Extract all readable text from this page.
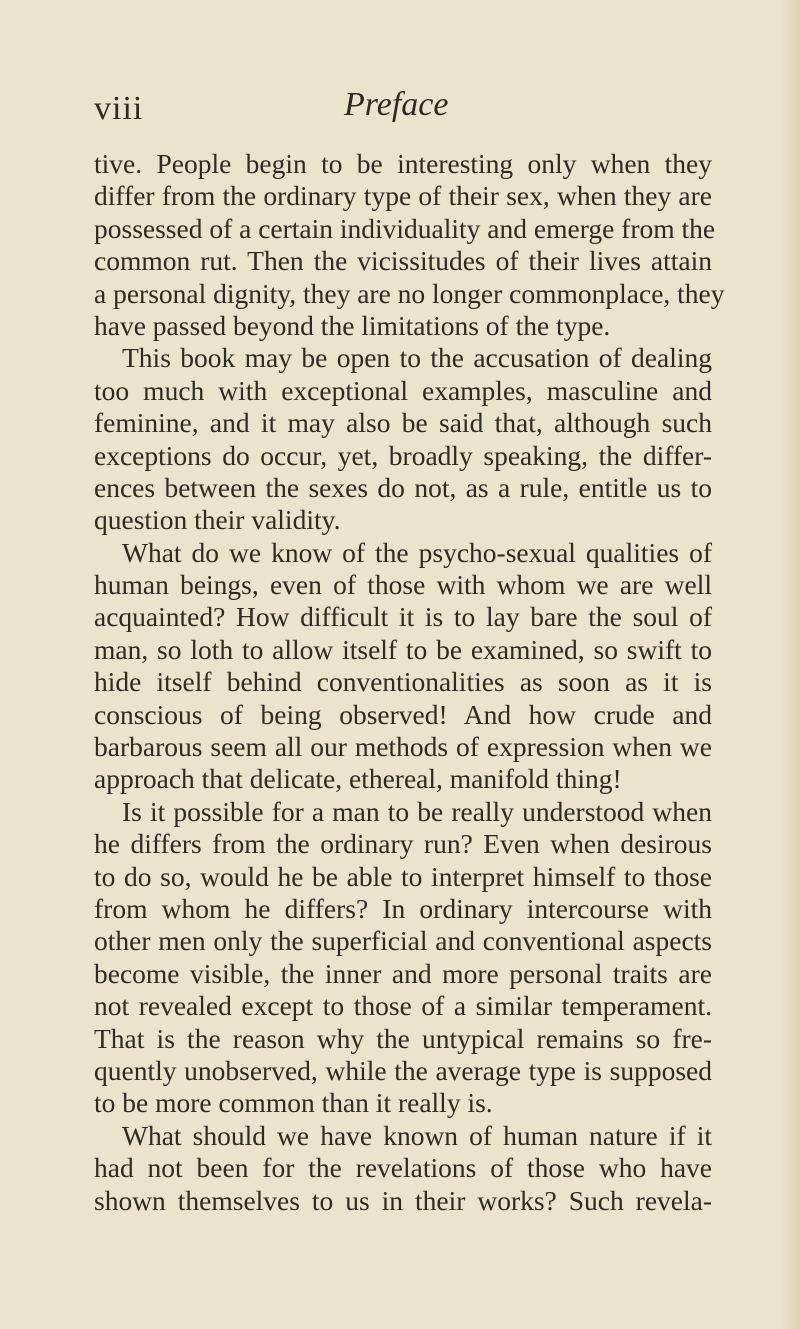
viii	Preface
tive. People begin to be interesting only when they
differ from the ordinary type of their sex, when they are
possessed of a certain individuality and emerge from the
common rut. Then the vicissitudes of their lives attain
a personal dignity, they are no longer commonplace, they
have passed beyond the limitations of the type.
This book may be open to the accusation of dealing
too much with exceptional examples, masculine and
feminine, and it may also be said that, although such
exceptions do occur, yet, broadly speaking, the differ-
ences between the sexes do not, as a rule, entitle us to
question their validity.
What do we know of the psycho-sexual qualities of
human beings, even of those with whom we are well
acquainted? How difficult it is to lay bare the soul of
man, so loth to allow itself to be examined, so swift to
hide itself behind conventionalities as soon as it is
conscious of being observed! And how crude and
barbarous seem all our methods of expression when we
approach that delicate, ethereal, manifold thing!
Is it possible for a man to be really understood when
he differs from the ordinary run? Even when desirous
to do so, would he be able to interpret himself to those
from whom he differs? In ordinary intercourse with
other men only the superficial and conventional aspects
become visible, the inner and more personal traits are
not revealed except to those of a similar temperament.
That is the reason why the untypical remains so fre-
quently unobserved, while the average type is supposed
to be more common than it really is.
What should we have known of human nature if it
had not been for the revelations of those who have
shown themselves to us in their works? Such revela-
